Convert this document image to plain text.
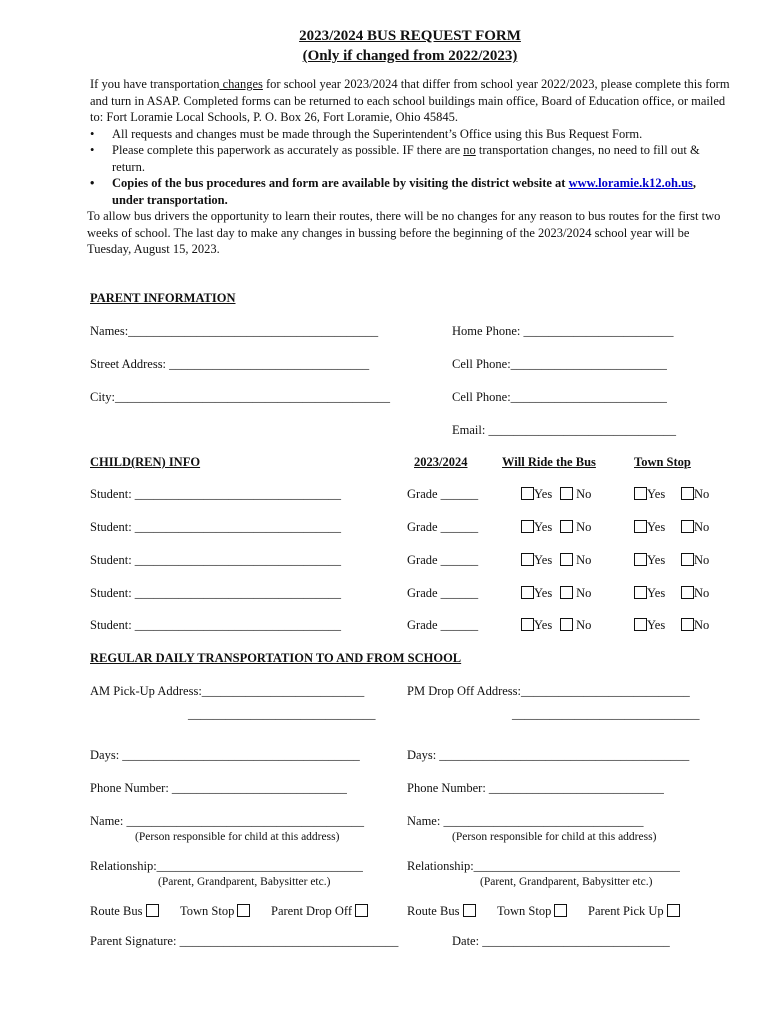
2023/2024 BUS REQUEST FORM
(Only if changed from 2022/2023)

If you have transportation changes for school year 2023/2024 that differ from school year 2022/2023, please complete this form and turn in ASAP. Completed forms can be returned to each school buildings main office, Board of Education office, or mailed to: Fort Loramie Local Schools, P. O. Box 26, Fort Loramie, Ohio 45845.

• All requests and changes must be made through the Superintendent’s Office using this Bus Request Form.
• Please complete this paperwork as accurately as possible. IF there are no transportation changes, no need to fill out & return.
• Copies of the bus procedures and form are available by visiting the district website at www.loramie.k12.oh.us, under transportation.

To allow bus drivers the opportunity to learn their routes, there will be no changes for any reason to bus routes for the first two weeks of school. The last day to make any changes in bussing before the beginning of the 2023/2024 school year will be Tuesday, August 15, 2023.

PARENT INFORMATION
Names:________________________________________	Home Phone: ________________________
Street Address: ________________________________	Cell Phone:_________________________
City:____________________________________________	Cell Phone:_________________________
Email: ______________________________
CHILD(REN) INFO	2023/2024	Will Ride the Bus	Town Stop
Student: _________________________________	Grade ______	Yes	No	Yes	No
Student: _________________________________	Grade ______	Yes	No	Yes	No
Student: _________________________________	Grade ______	Yes	No	Yes	No
Student: _________________________________	Grade ______	Yes	No	Yes	No
Student: _________________________________	Grade ______	Yes	No	Yes	No
REGULAR DAILY TRANSPORTATION TO AND FROM SCHOOL
AM Pick-Up Address:__________________________	PM Drop Off Address:___________________________
______________________________	______________________________
Days: ______________________________________	Days: ________________________________________
Phone Number: ____________________________	Phone Number: ____________________________
Name: ______________________________________	Name: ________________________________
(Person responsible for child at this address)	(Person responsible for child at this address)
Relationship:_________________________________	Relationship:_________________________________
(Parent, Grandparent, Babysitter etc.)	(Parent, Grandparent, Babysitter etc.)
Route Bus	Town Stop	Parent Drop Off	Route Bus	Town Stop	Parent Pick Up
Parent Signature: ___________________________________	Date: ______________________________
